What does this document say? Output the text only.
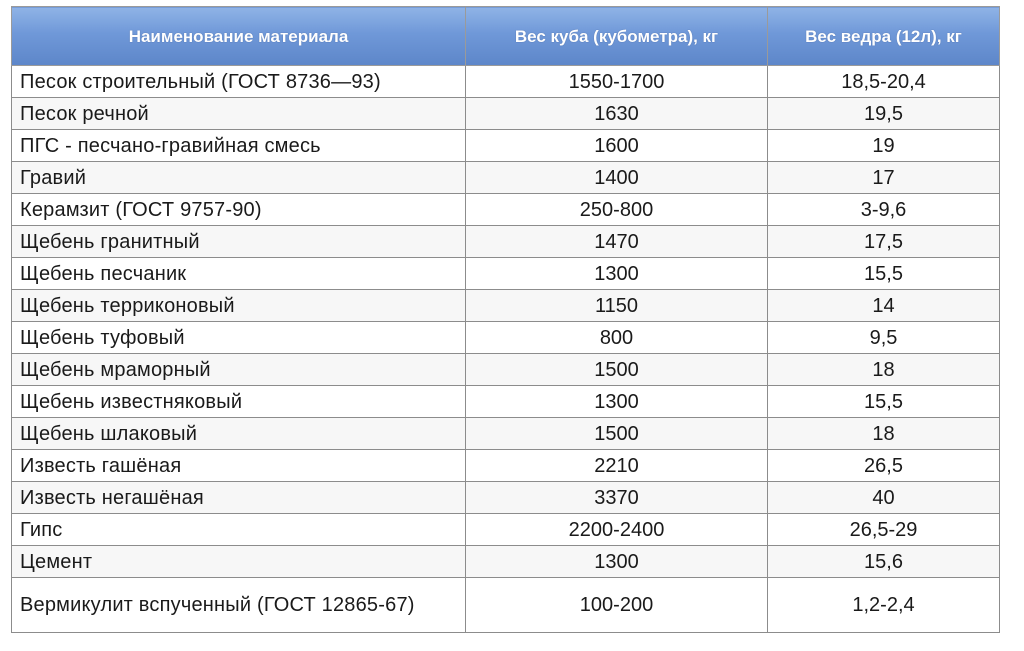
Наименование материала	Вес куба (кубометра), кг	Вес ведра (12л), кг
Песок строительный (ГОСТ 8736—93)	1550-1700	18,5-20,4
Песок речной	1630	19,5
ПГС - песчано-гравийная смесь	1600	19
Гравий	1400	17
Керамзит (ГОСТ 9757-90)	250-800	3-9,6
Щебень гранитный	1470	17,5
Щебень песчаник	1300	15,5
Щебень терриконовый	1150	14
Щебень туфовый	800	9,5
Щебень мраморный	1500	18
Щебень известняковый	1300	15,5
Щебень шлаковый	1500	18
Известь гашёная	2210	26,5
Известь негашёная	3370	40
Гипс	2200-2400	26,5-29
Цемент	1300	15,6
Вермикулит вспученный (ГОСТ 12865-67)	100-200	1,2-2,4
